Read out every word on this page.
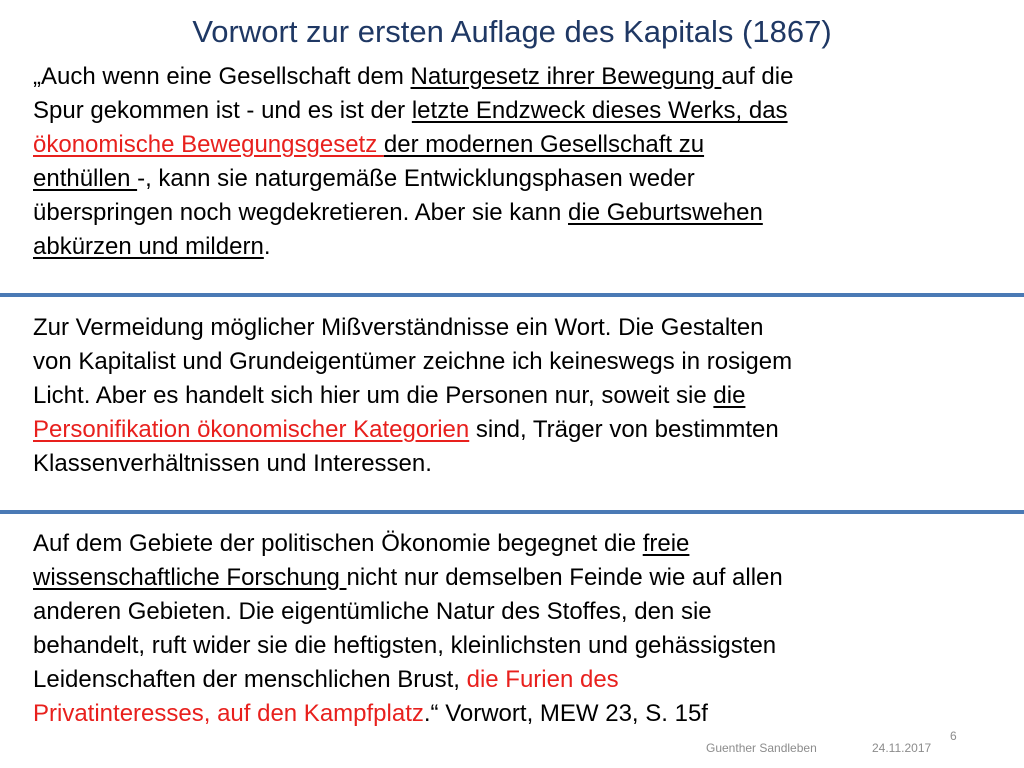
Vorwort zur ersten Auflage des Kapitals (1867)
„Auch wenn eine Gesellschaft dem Naturgesetz ihrer Bewegung auf die
Spur gekommen ist - und es ist der letzte Endzweck dieses Werks, das
ökonomische Bewegungsgesetz der modernen Gesellschaft zu
enthüllen -, kann sie naturgemäße Entwicklungsphasen weder
überspringen noch wegdekretieren. Aber sie kann die Geburtswehen
abkürzen und mildern.
Zur Vermeidung möglicher Mißverständnisse ein Wort. Die Gestalten
von Kapitalist und Grundeigentümer zeichne ich keineswegs in rosigem
Licht. Aber es handelt sich hier um die Personen nur, soweit sie die
Personifikation ökonomischer Kategorien sind, Träger von bestimmten
Klassenverhältnissen und Interessen.
Auf dem Gebiete der politischen Ökonomie begegnet die freie
wissenschaftliche Forschung nicht nur demselben Feinde wie auf allen
anderen Gebieten. Die eigentümliche Natur des Stoffes, den sie
behandelt, ruft wider sie die heftigsten, kleinlichsten und gehässigsten
Leidenschaften der menschlichen Brust, die Furien des
Privatinteresses, auf den Kampfplatz.“ Vorwort, MEW 23, S. 15f
Guenther Sandleben	24.11.2017
6
